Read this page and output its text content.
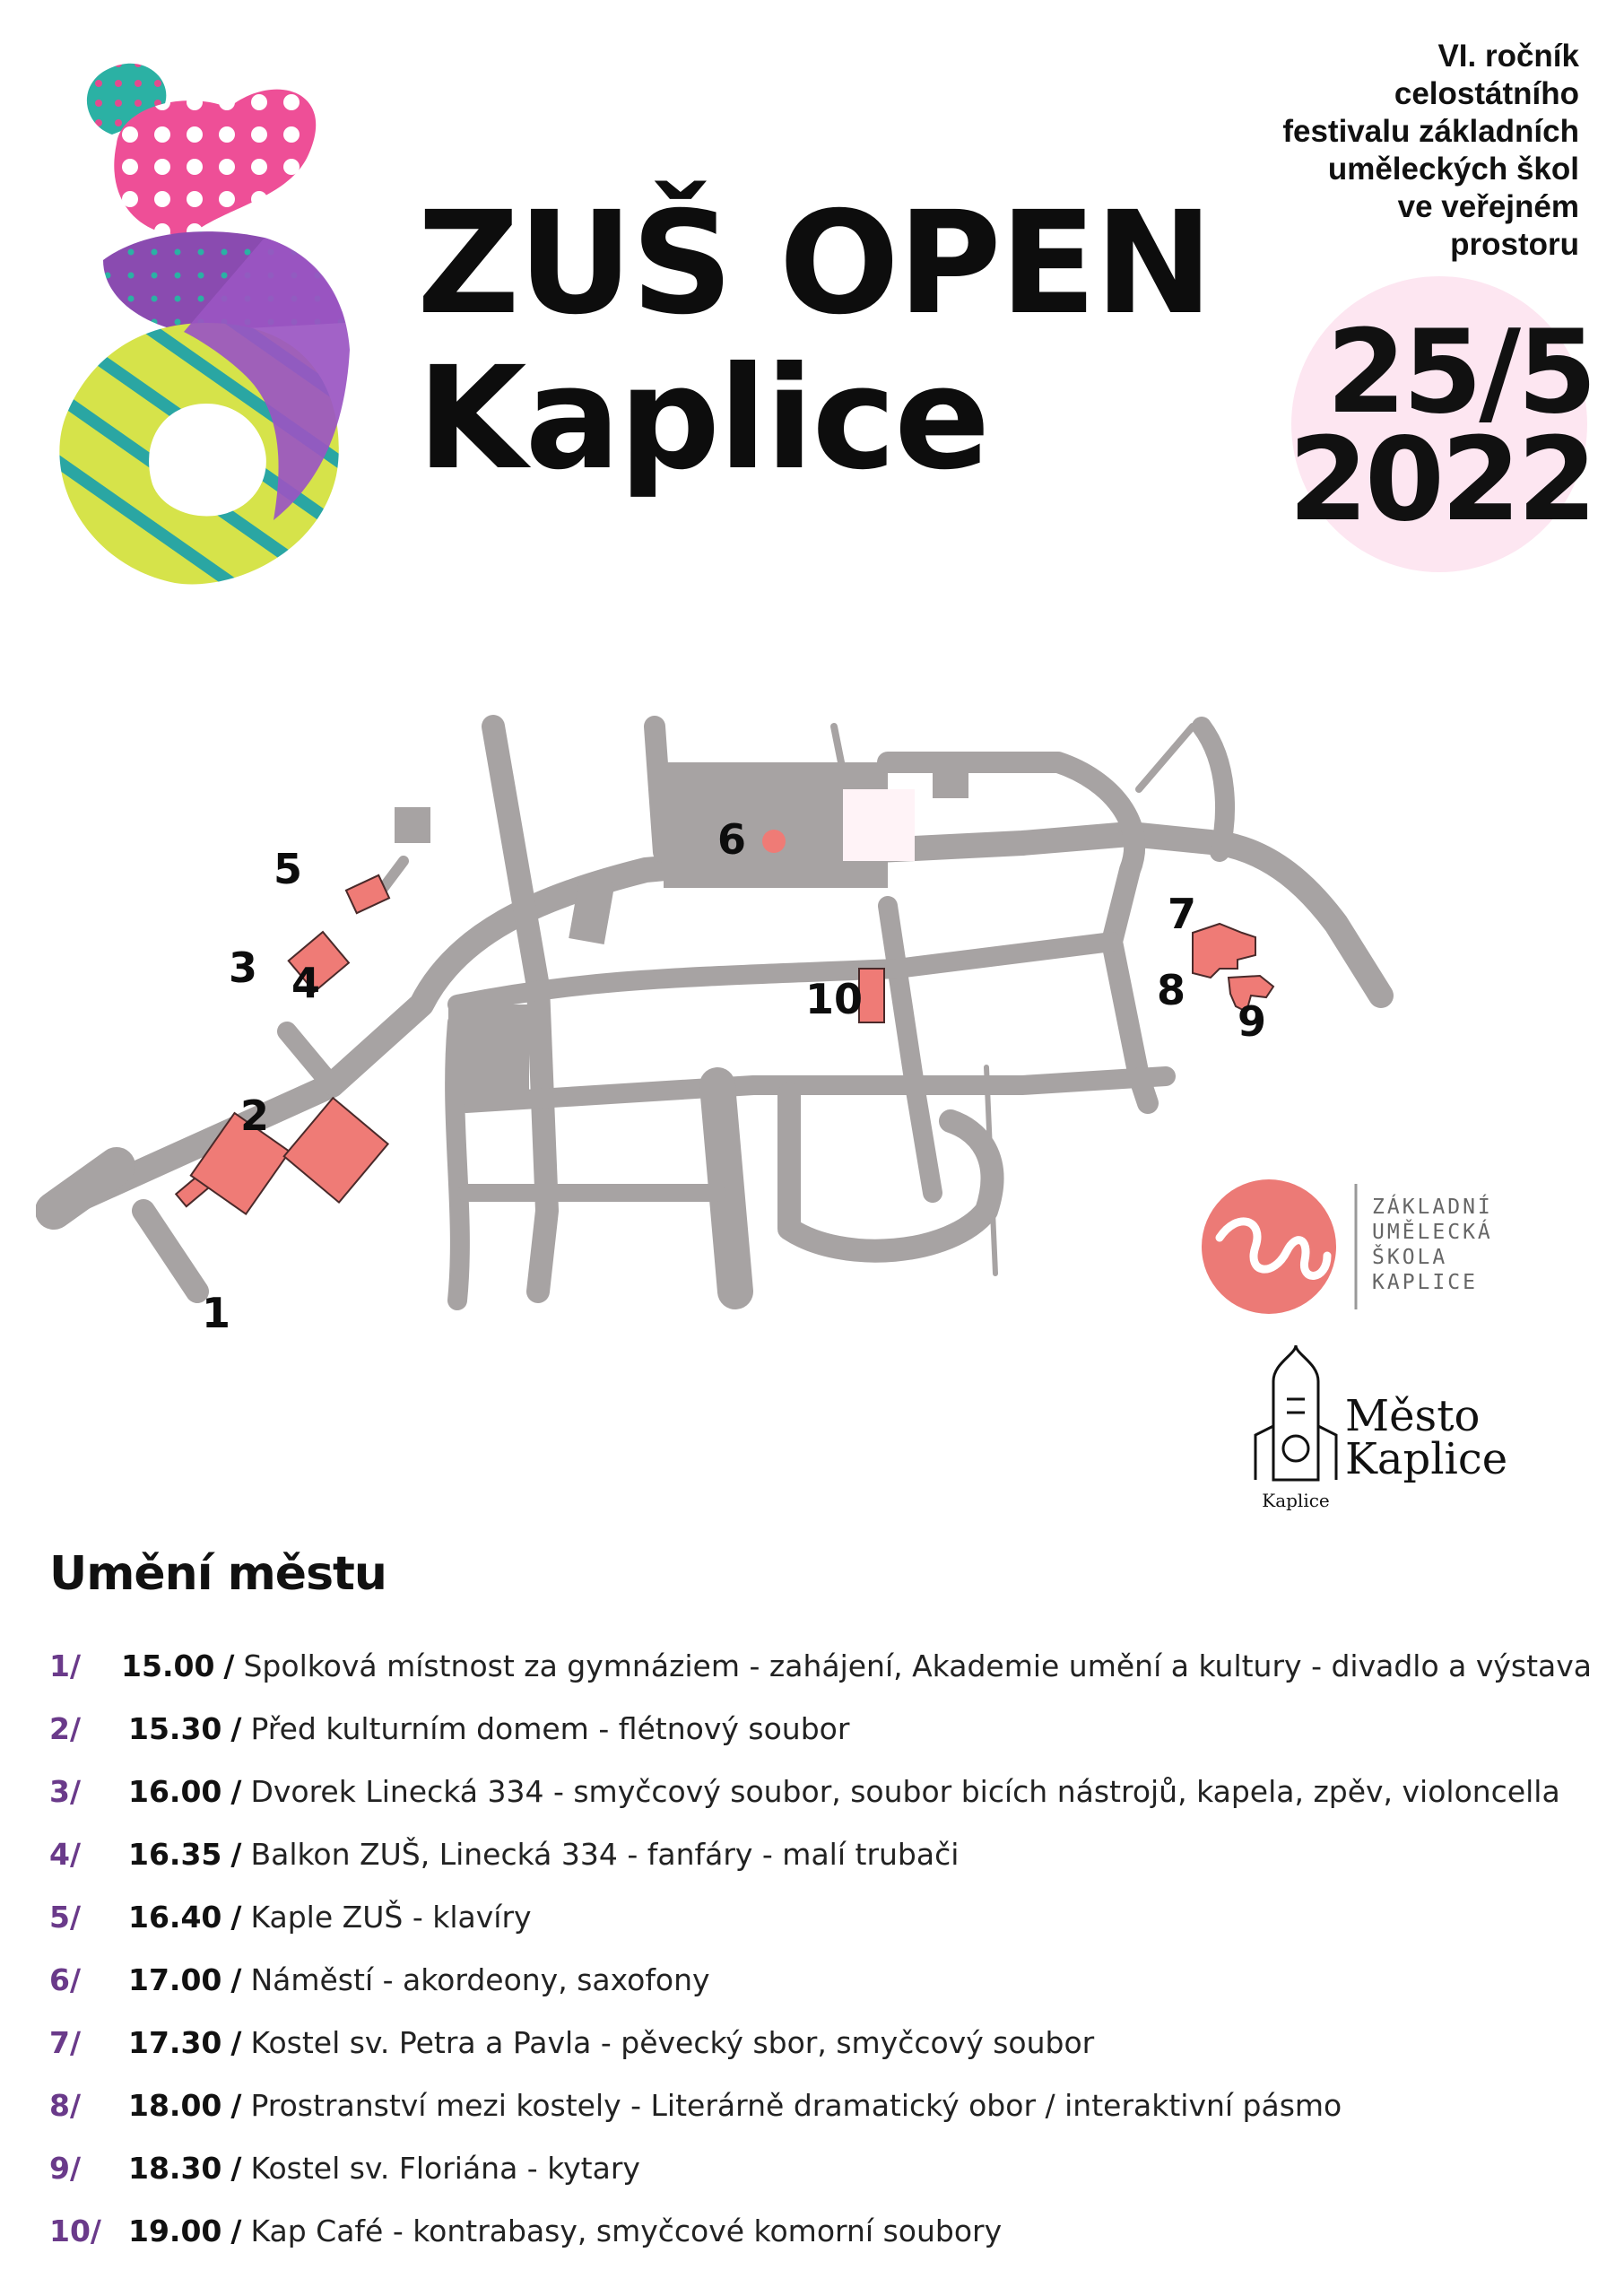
ZUŠ OPEN
Kaplice
VI. ročník
celostátního
festivalu základních
uměleckých škol
ve veřejném
prostoru
25/5
2022
1
2
3 4
5
6
7
8
9
10
ZÁKLADNÍ
UMĚLECKÁ
ŠKOLA
KAPLICE
Kaplice
Město
Kaplice
Umění městu
1/	15.00 / Spolková místnost za gymnáziem - zahájení, Akademie umění a kultury - divadlo a výstava
2/	15.30 / Před kulturním domem - flétnový soubor
3/	16.00 / Dvorek Linecká 334 - smyčcový soubor, soubor bicích nástrojů, kapela, zpěv, violoncella
4/	16.35 / Balkon ZUŠ, Linecká 334 - fanfáry - malí trubači
5/	16.40 / Kaple ZUŠ - klavíry
6/	17.00 / Náměstí - akordeony, saxofony
7/	17.30 / Kostel sv. Petra a Pavla - pěvecký sbor, smyčcový soubor
8/	18.00 / Prostranství mezi kostely - Literárně dramatický obor / interaktivní pásmo
9/	18.30 / Kostel sv. Floriána - kytary
10/ 19.00 / Kap Café - kontrabasy, smyčcové komorní soubory
